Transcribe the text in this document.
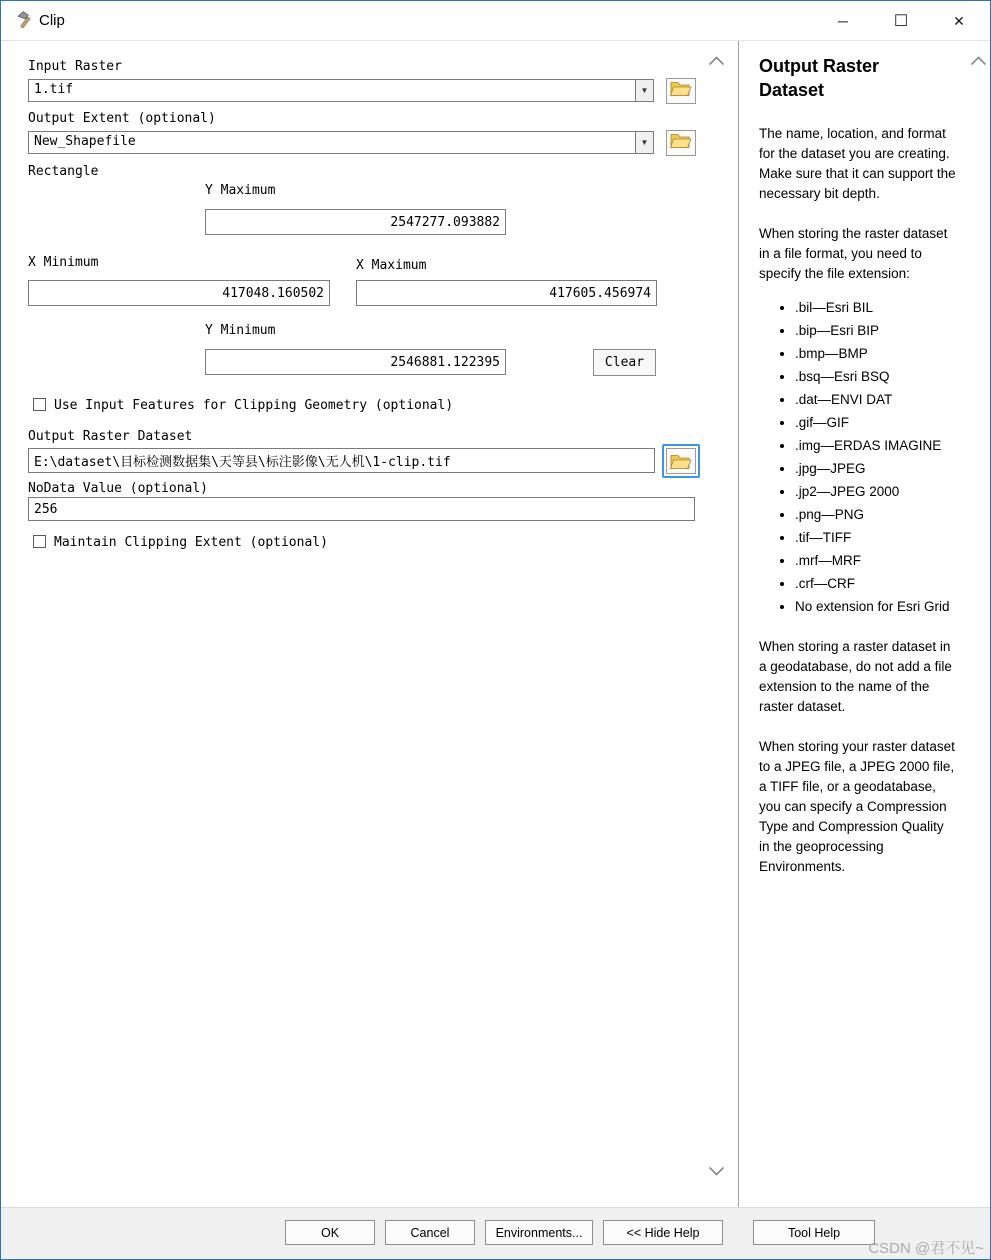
Clip	─	☐	✕
Input Raster
1.tif	▼
Output Extent (optional)
New_Shapefile	▼
Rectangle
Y Maximum
2547277.093882
X Minimum
417048.160502	X Maximum
417605.456974
Y Minimum
2546881.122395
Clear
Use Input Features for Clipping Geometry (optional)
Output Raster Dataset
E:\dataset\目标检测数据集\天等县\标注影像\无人机\1-clip.tif
NoData Value (optional)
256
Maintain Clipping Extent (optional)
Output Raster Dataset
The name, location, and format for the dataset you are creating. Make sure that it can support the necessary bit depth.
When storing the raster dataset in a file format, you need to specify the file extension:
• .bil—Esri BIL
• .bip—Esri BIP
• .bmp—BMP
• .bsq—Esri BSQ
• .dat—ENVI DAT
• .gif—GIF
• .img—ERDAS IMAGINE
• .jpg—JPEG
• .jp2—JPEG 2000
• .png—PNG
• .tif—TIFF
• .mrf—MRF
• .crf—CRF
• No extension for Esri Grid
When storing a raster dataset in a geodatabase, do not add a file extension to the name of the raster dataset.
When storing your raster dataset to a JPEG file, a JPEG 2000 file, a TIFF file, or a geodatabase, you can specify a Compression Type and Compression Quality in the geoprocessing Environments.
OK	Cancel	Environments...	<< Hide Help	Tool Help
CSDN @君不见~
